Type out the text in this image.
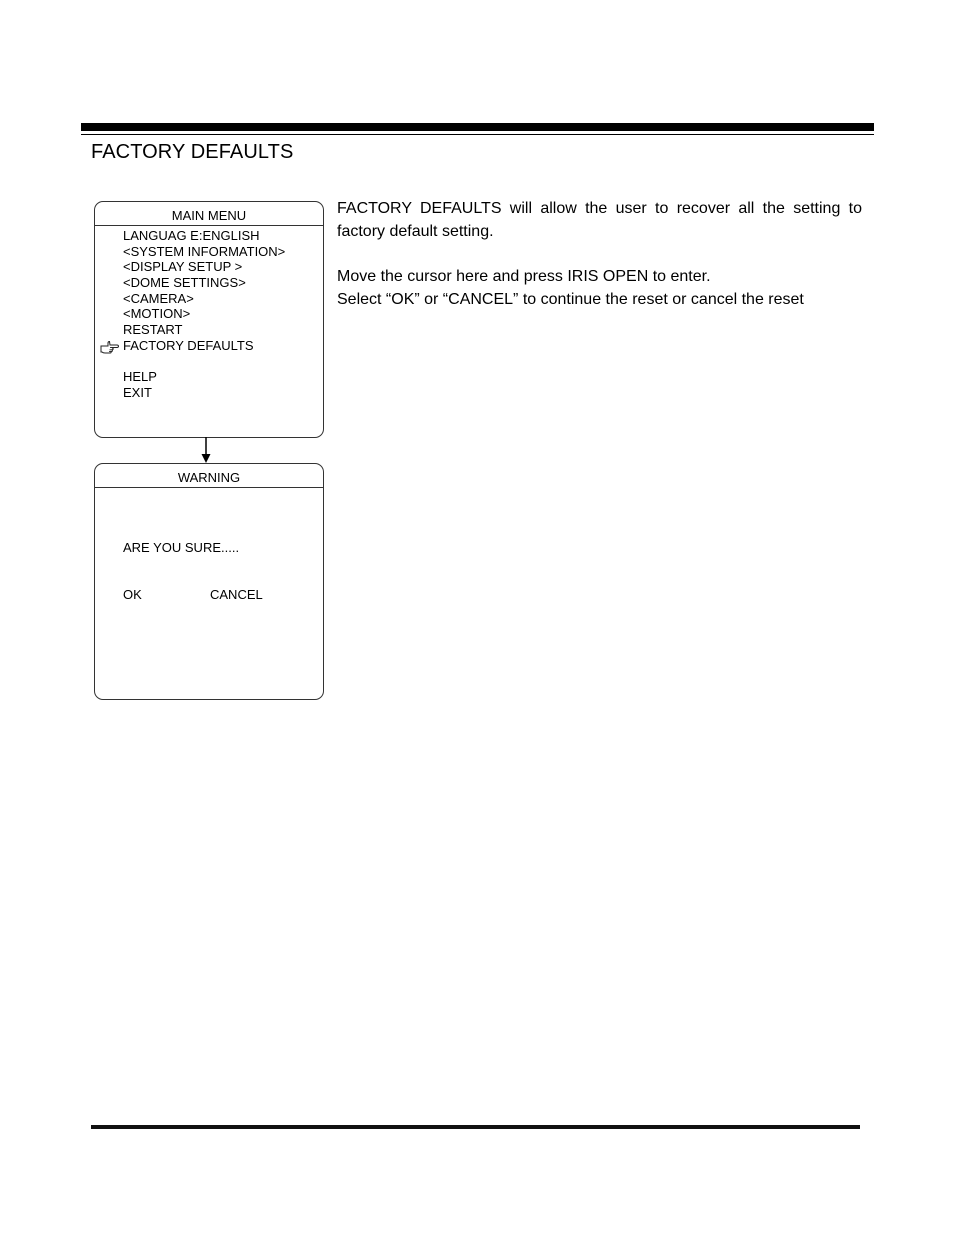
FACTORY DEFAULTS
MAIN MENU
LANGUAG E:ENGLISH
<SYSTEM INFORMATION>
<DISPLAY SETUP >
<DOME SETTINGS>
<CAMERA>
<MOTION>
RESTART
FACTORY DEFAULTS
HELP
EXIT
WARNING
ARE YOU SURE.....
OK	CANCEL

FACTORY DEFAULTS will allow the user to recover all the setting to factory default setting.

Move the cursor here and press IRIS OPEN to enter.

Select “OK” or “CANCEL” to continue the reset or cancel the reset
